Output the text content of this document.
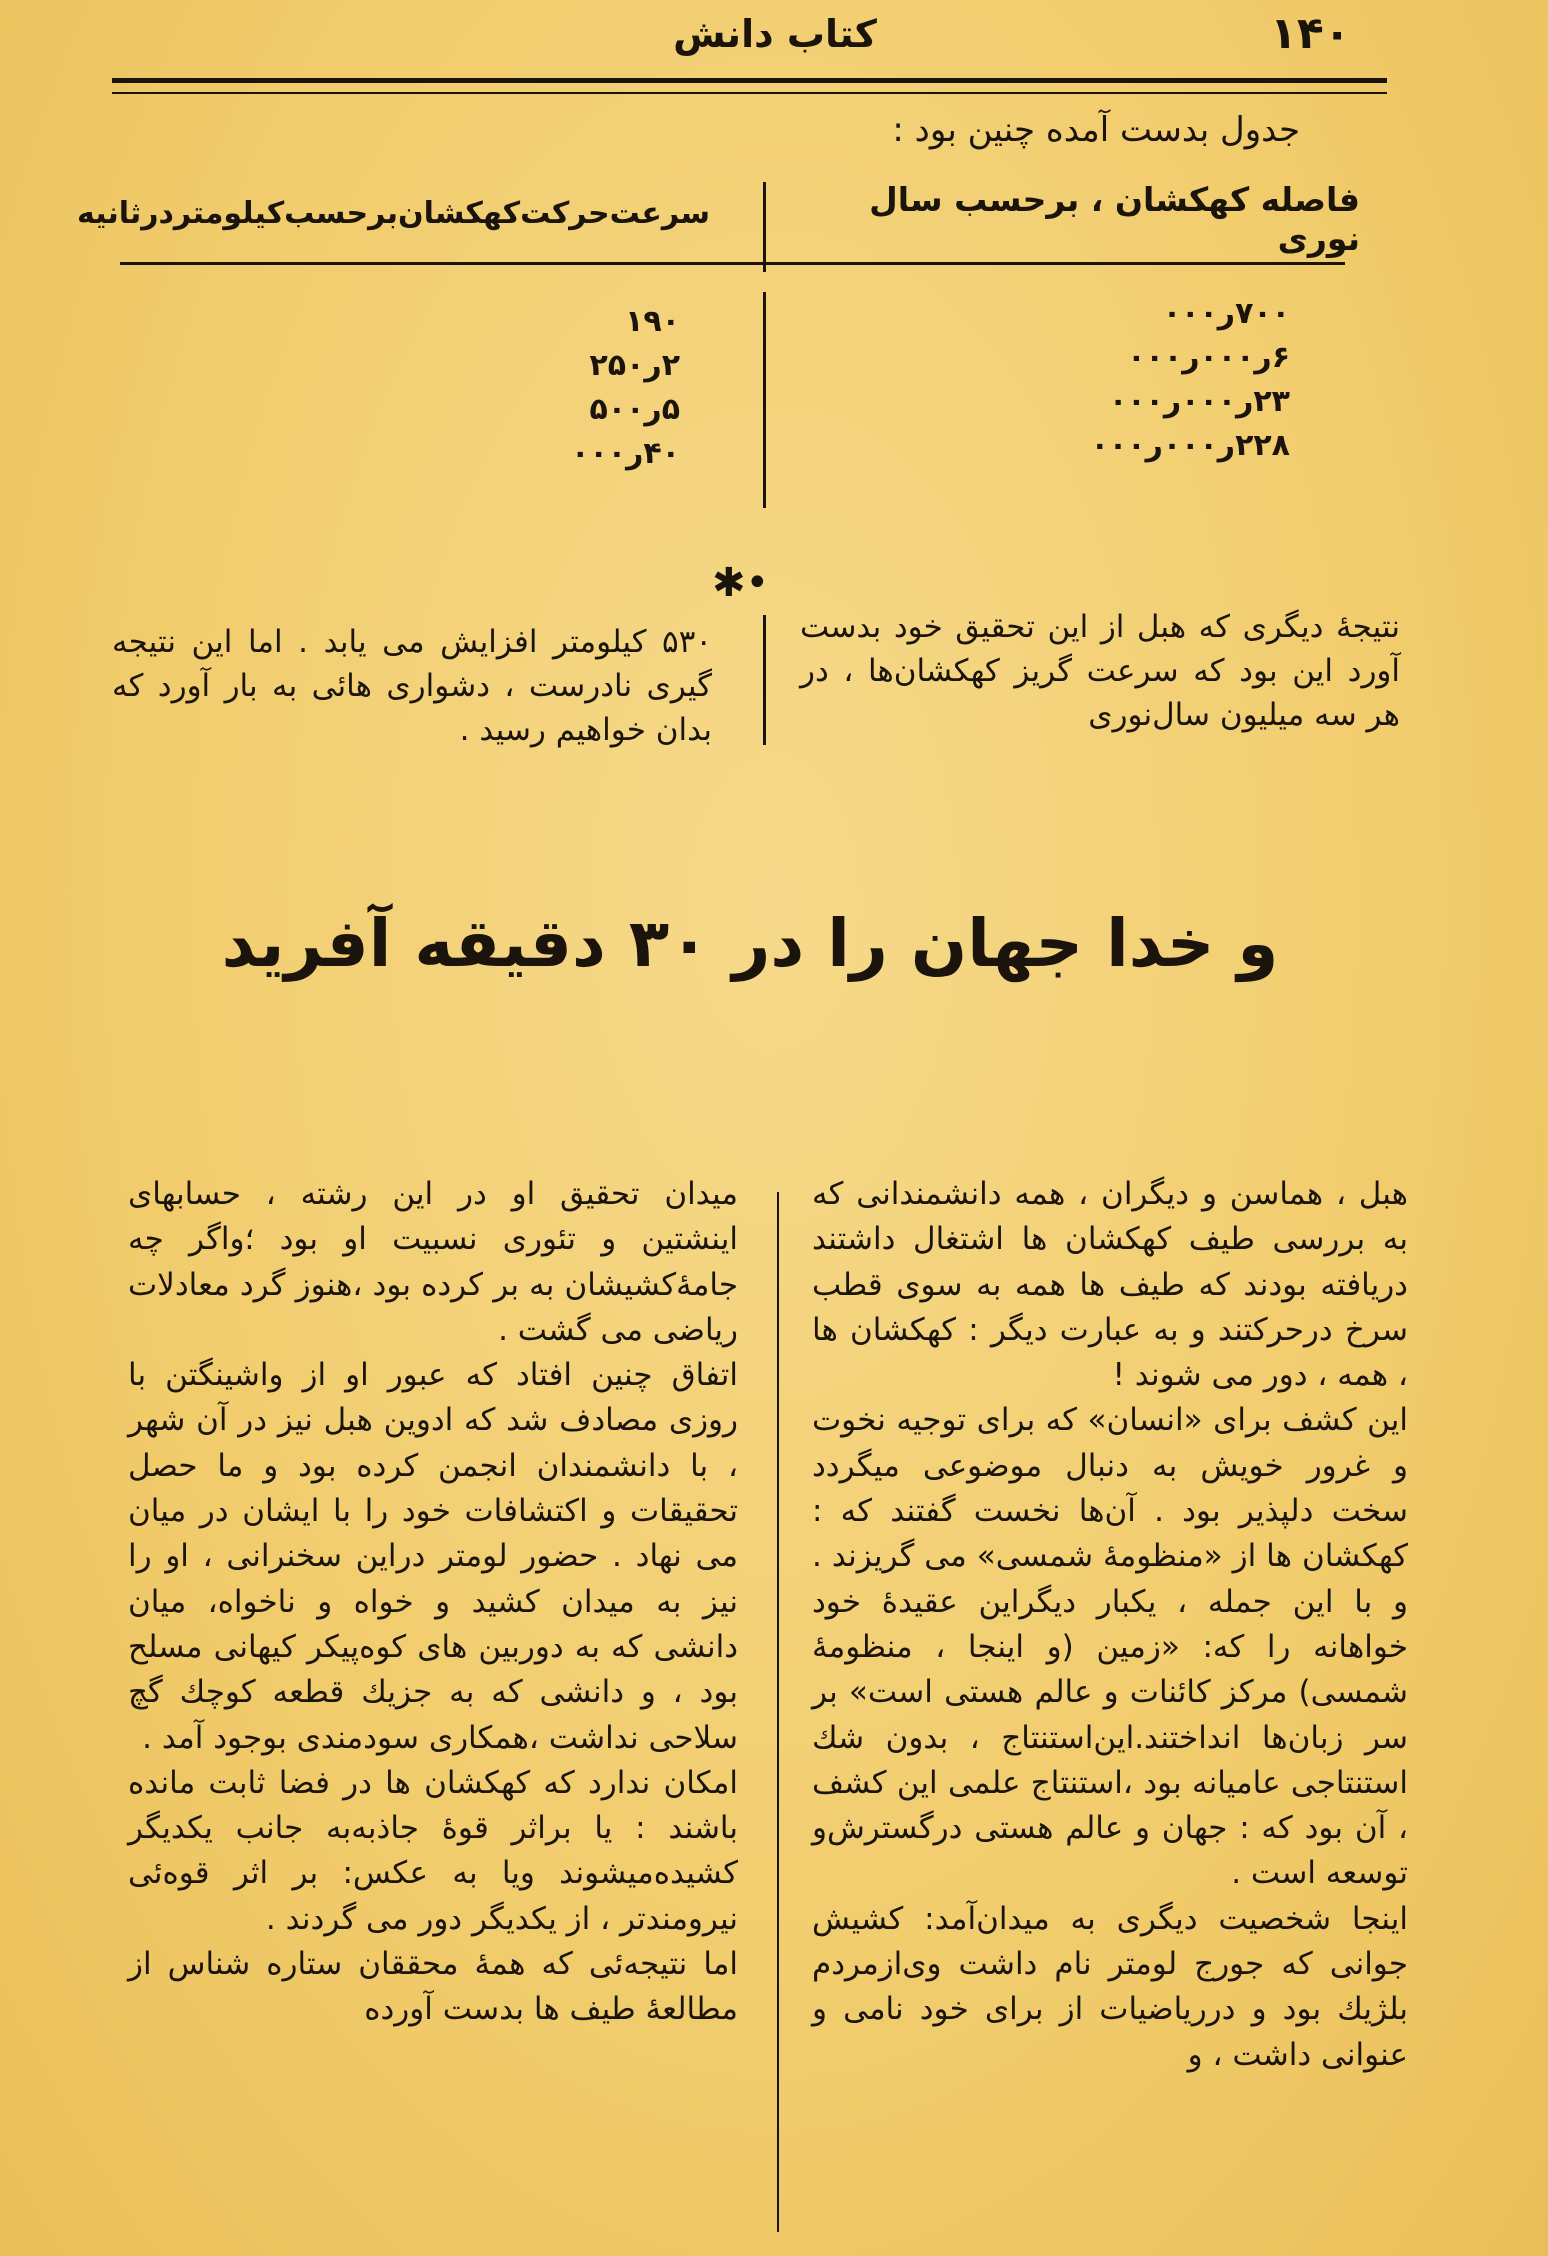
۱۴۰
کتاب دانش
جدول بدست آمده چنین بود :
فاصله کهکشان ، برحسب سال نوری
سرعت‌حرکت‌کهکشان‌برحسب‌کیلومتر‌درثانیه
۷۰۰ر۰۰۰
۶ر۰۰۰ر۰۰۰
۲۳ر۰۰۰ر۰۰۰
۲۲۸ر۰۰۰ر۰۰۰
۱۹۰
۲ر۲۵۰
۵ر۵۰۰
۴۰ر۰۰۰
✱•
نتیجهٔ دیگری که هبل از این تحقیق خود بدست آورد این بود که سرعت گریز کهکشان‌ها ، در هر سه میلیون سال‌نوری
۵۳۰ کیلومتر افزایش می یابد . اما این نتیجه گیری نادرست ، دشواری هائی به بار آورد که بدان خواهیم رسید .
و خدا جهان را در ۳۰ دقیقه آفرید

هبل ، هماسن و دیگران ، همه دانشمندانی که به بررسی طیف کهکشان ها اشتغال داشتند دریافته بودند که طیف ها همه به سوی قطب سرخ درحرکتند و به عبارت دیگر : کهکشان ها ، همه ، دور می شوند !

این کشف برای «انسان» که برای توجیه نخوت و غرور خویش به دنبال موضوعی میگردد سخت دلپذیر بود . آن‌ها نخست گفتند که : کهکشان ها از «منظومهٔ شمسی» می گریزند . و با این جمله ، یکبار دیگراین عقیدهٔ خود خواهانه را که: «زمین (و اینجا ، منظومهٔ شمسی) مرکز کائنات و عالم هستی است» بر سر زبان‌ها انداختند.این‌استنتاج ، بدون شك استنتاجی عامیانه بود ،استنتاج علمی این کشف ، آن بود که : جهان و عالم هستی درگسترش‌و توسعه است .

اینجا شخصیت دیگری به میدان‌آمد: کشیش جوانی که جورج لومتر نام داشت وی‌ازمردم بلژیك بود و درریاضیات از برای خود نامی و عنوانی داشت ، و

میدان تحقیق او در این رشته ، حسابهای اینشتین و تئوری نسبیت او بود ؛واگر چه جامهٔ‌کشیشان به بر کرده بود ،هنوز گرد معادلات ریاضی می گشت .

اتفاق چنین افتاد که عبور او از واشینگتن با روزی مصادف شد که ادوین هبل نیز در آن شهر ، با دانشمندان انجمن کرده بود و ما حصل تحقیقات و اکتشافات خود را با ایشان در میان می نهاد . حضور لومتر دراین سخنرانی ، او را نیز به میدان کشید و خواه و ناخواه، میان دانشی که به دوربین های کوه‌پیکر کیهانی مسلح بود ، و دانشی که به جزیك قطعه کوچك گچ سلاحی نداشت ،همکاری سودمندی بوجود آمد .

امکان ندارد که کهکشان ها در فضا ثابت مانده باشند : یا براثر قوهٔ جاذبه‌به جانب یکدیگر کشیده‌میشوند ویا به عکس: بر اثر قوه‌ئی نیرومندتر ، از یکدیگر دور می گردند .

اما نتیجه‌ئی که همهٔ محققان ستاره شناس از مطالعهٔ طیف ها بدست آورده
